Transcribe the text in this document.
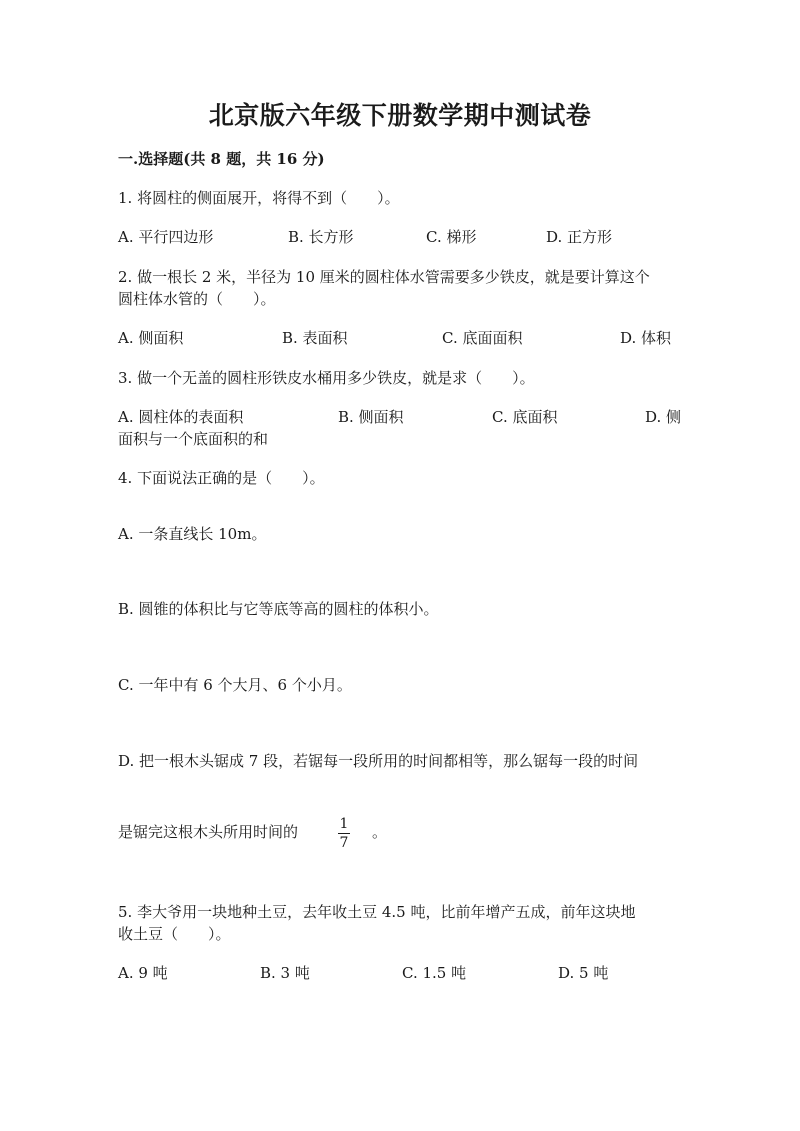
北京版六年级下册数学期中测试卷
一.选择题(共 8 题，共 16 分)
1. 将圆柱的侧面展开，将得不到（　　）。
A. 平行四边形	B. 长方形	C. 梯形	D. 正方形
2. 做一根长 2 米，半径为 10 厘米的圆柱体水管需要多少铁皮，就是要计算这个
圆柱体水管的（　　）。
A. 侧面积	B. 表面积	C. 底面面积	D. 体积
3. 做一个无盖的圆柱形铁皮水桶用多少铁皮，就是求（　　）。
A. 圆柱体的表面积	B. 侧面积	C. 底面积	D. 侧
面积与一个底面积的和
4. 下面说法正确的是（　　）。
A. 一条直线长 10m。
B. 圆锥的体积比与它等底等高的圆柱的体积小。
C. 一年中有 6 个大月、6 个小月。
D. 把一根木头锯成 7 段，若锯每一段所用的时间都相等，那么锯每一段的时间
是锯完这根木头所用时间的	1
7
。
5. 李大爷用一块地种土豆，去年收土豆 4.5 吨，比前年增产五成，前年这块地
收土豆（　　）。
A. 9 吨	B. 3 吨	C. 1.5 吨	D. 5 吨
